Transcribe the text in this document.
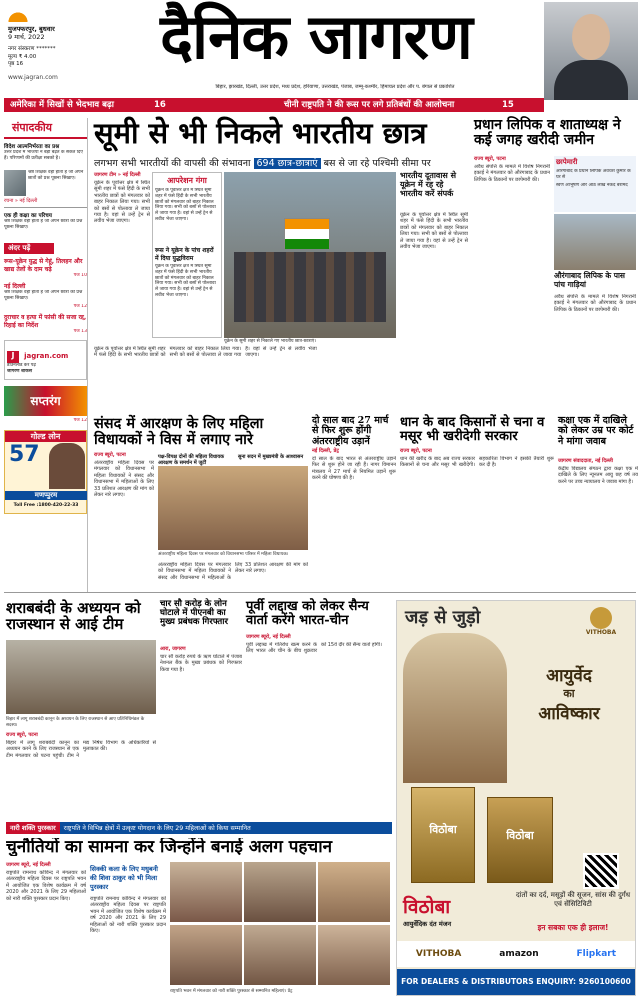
मुजफ्फरपुर, बुधवार
9 मार्च, 2022
नगर संस्करण *******
मूल्य ₹ 4.00
पृष्ठ 16
www.jagran.com
दैनिक जागरण
बिहार, झारखंड, दिल्ली, उत्तर प्रदेश, मध्य प्रदेश, हरियाणा, उत्तराखंड, पंजाब, जम्मू-कश्मीर, हिमाचल प्रदेश और प. बंगाल से प्रकाशित
अमेरिका में सिखों से भेदभाव बढ़ा	16	चीनी राष्ट्रपति ने की रूस पर लगे प्रतिबंधों की आलोचना	15
संपादकीय
विदेश आत्मनिर्भरता का प्रश्न
उत्तर प्रदेश में भाजपा ने बड़ी बढ़त के संकेत दिए हैं। परिणामों की प्रतीक्षा सबको है।
श्रेष्ठ शिक्षक वही होता है जो अपने छात्रों को प्रश्न पूछना सिखाए।
रचना » नई दिल्ली
एक ही कक्षा का परिचय
श्रेष्ठ शिक्षक वही होता है जो अपने छात्रों को प्रश्न पूछना सिखाए।
अंदर पढ़ें
रूस-यूक्रेन युद्ध से गेहूं, तिलहन और खाद्य तेलों के दाम चढ़े
पेज 10
नई दिल्ली
श्रेष्ठ शिक्षक वही होता है जो अपने छात्रों को प्रश्न पूछना सिखाए।
पेज 12
दुराचार व हत्या में फांसी की सजा रद्द, रिहाई का निर्देश
पेज 13
J jagran.com
डाउनलोड कर पढ़ें
जागरण शोकेस
सप्तरंग
पेज 12
गोल्ड लोन
57
मणप्पुरम
Toll Free :1800-420-22-33
सूमी से भी निकले भारतीय छात्र
लगभग सभी भारतीयों की वापसी की संभावना 694 छात्र-छात्राएं बस से जा रहे पश्चिमी सीमा पर
जागरण टीम » नई दिल्ली
यूक्रेन के पूर्वोत्तर क्षेत्र में स्थित सूमी शहर में फंसे हिंदी के सभी भारतीय छात्रों को मंगलवार को बाहर निकाल लिया गया। सभी को बसों से पोल्तावा ले जाया गया है। वहां से उन्हें ट्रेन से लवीव भेजा जाएगा।
आपरेशन गंगा
यूक्रेन के पूर्वोत्तर क्षेत्र में स्थित सूमी शहर में फंसे हिंदी के सभी भारतीय छात्रों को मंगलवार को बाहर निकाल लिया गया। सभी को बसों से पोल्तावा ले जाया गया है। वहां से उन्हें ट्रेन से लवीव भेजा जाएगा।
रूस ने यूक्रेन के पांच शहरों में दिया युद्धविराम
यूक्रेन के पूर्वोत्तर क्षेत्र में स्थित सूमी शहर में फंसे हिंदी के सभी भारतीय छात्रों को मंगलवार को बाहर निकाल लिया गया। सभी को बसों से पोल्तावा ले जाया गया है। वहां से उन्हें ट्रेन से लवीव भेजा जाएगा।
यूक्रेन के सूमी शहर से निकाले गए भारतीय छात्र-छात्राएं।
भारतीय दूतावास से यूक्रेन में रह रहे भारतीय करें संपर्क
यूक्रेन के पूर्वोत्तर क्षेत्र में स्थित सूमी शहर में फंसे हिंदी के सभी भारतीय छात्रों को मंगलवार को बाहर निकाल लिया गया। सभी को बसों से पोल्तावा ले जाया गया है। वहां से उन्हें ट्रेन से लवीव भेजा जाएगा।
यूक्रेन के पूर्वोत्तर क्षेत्र में स्थित सूमी शहर में फंसे हिंदी के सभी भारतीय छात्रों को मंगलवार को बाहर निकाल लिया गया। सभी को बसों से पोल्तावा ले जाया गया है। वहां से उन्हें ट्रेन से लवीव भेजा जाएगा।
प्रधान लिपिक व शाताध्यक्ष ने कई जगह खरीदी जमीन
राज्य ब्यूरो, पटना
अवैध संपत्ति के मामले में विशेष निगरानी इकाई ने मंगलवार को औरंगाबाद के प्रधान लिपिक के ठिकानों पर छापेमारी की।
छापेमारी
औरंगाबाद के प्रधान लिपिक अवधेश कुमार के घर से
स्वर्ण आभूषण और आठ लाख नकद बरामद
औरंगाबाद लिपिक के पास पांच गाड़ियां
अवैध संपत्ति के मामले में विशेष निगरानी इकाई ने मंगलवार को औरंगाबाद के प्रधान लिपिक के ठिकानों पर छापेमारी की।
संसद में आरक्षण के लिए महिला विधायकों ने विस में लगाए नारे
राज्य ब्यूरो, पटना
अंतरराष्ट्रीय महिला दिवस पर मंगलवार को विधानसभा में महिला विधायकों ने संसद और विधानसभा में महिलाओं के लिए 33 प्रतिशत आरक्षण की मांग को लेकर नारे लगाए।
पक्ष-विपक्ष दोनों की महिला विधायक आरक्षण के समर्थन में जुटीं
सुना सदन में मुख्यमंत्री के आश्वासन
अंतरराष्ट्रीय महिला दिवस पर मंगलवार को विधानसभा परिसर में महिला विधायक।
अंतरराष्ट्रीय महिला दिवस पर मंगलवार को विधानसभा में महिला विधायकों ने संसद और विधानसभा में महिलाओं के लिए 33 प्रतिशत आरक्षण की मांग को लेकर नारे लगाए।
दो साल बाद 27 मार्च से फिर शुरू होंगी अंतरराष्ट्रीय उड़ानें
नई दिल्ली, प्रेट्र
दो साल के बाद भारत से अंतरराष्ट्रीय उड़ानें फिर से शुरू होने जा रही हैं। नागर विमानन मंत्रालय ने 27 मार्च से नियमित उड़ानें शुरू करने की घोषणा की है।
धान के बाद किसानों से चना व मसूर भी खरीदेगी सरकार
राज्य ब्यूरो, पटना
धान की खरीद के बाद अब राज्य सरकार किसानों से चना और मसूर भी खरीदेगी। सहकारिता विभाग ने इसकी तैयारी शुरू कर दी है।
कक्षा एक में दाखिले को लेकर उम्र पर कोर्ट ने मांगा जवाब
जागरण संवाददाता, नई दिल्ली
केंद्रीय विद्यालय संगठन द्वारा कक्षा एक में दाखिले के लिए न्यूनतम आयु छह वर्ष तय करने पर उच्च न्यायालय ने जवाब मांगा है।
शराबबंदी के अध्ययन को राजस्थान से आई टीम
बिहार में लागू शराबबंदी कानून के अध्ययन के लिए राजस्थान से आए प्रतिनिधिमंडल के सदस्य।
राज्य ब्यूरो, पटना
बिहार में लागू शराबबंदी कानून का अध्ययन करने के लिए राजस्थान से एक टीम मंगलवार को पटना पहुंची। टीम ने मद्य निषेध विभाग के अधिकारियों से मुलाकात की।
चार सौ करोड़ के लोन घोटाले में पीएनबी का मुख्य प्रबंधक गिरफ्तार
आरा, जागरण
चार सौ करोड़ रुपये के ऋण घोटाले में पंजाब नेशनल बैंक के मुख्य प्रबंधक को गिरफ्तार किया गया है।
पूर्वी लद्दाख को लेकर सैन्य वार्ता करेंगे भारत-चीन
जागरण ब्यूरो, नई दिल्ली
पूर्वी लद्दाख में गतिरोध खत्म करने के लिए भारत और चीन के बीच शुक्रवार को 15वें दौर की सैन्य वार्ता होगी।
जड़ से जुड़ो
VITHOBA
आयुर्वेद
का
आविष्कार
विठोबा	विठोबा
विठोबा
आयुर्वेदिक दंत मंजन
दांतों का दर्द, मसूड़ों की सूजन, सांस की दुर्गंध एवं सेंसिटिविटी
इन सबका एक ही इलाज!
VITHOBA	amazon	Flipkart
FOR DEALERS & DISTRIBUTORS ENQUIRY: 9260100600
नारी शक्ति पुरस्कार	राष्ट्रपति ने विभिन्न क्षेत्रों में उत्कृष्ट योगदान के लिए 29 महिलाओं को किया सम्मानित
चुनौतियों का सामना कर जिन्होंने बनाई अलग पहचान
जागरण ब्यूरो, नई दिल्ली
राष्ट्रपति रामनाथ कोविन्द ने मंगलवार को अंतरराष्ट्रीय महिला दिवस पर राष्ट्रपति भवन में आयोजित एक विशेष कार्यक्रम में वर्ष 2020 और 2021 के लिए 29 महिलाओं को नारी शक्ति पुरस्कार प्रदान किए।
सिक्की कला के लिए मधुबनी की शिवा ठाकुर को भी मिला पुरस्कार
राष्ट्रपति रामनाथ कोविन्द ने मंगलवार को अंतरराष्ट्रीय महिला दिवस पर राष्ट्रपति भवन में आयोजित एक विशेष कार्यक्रम में वर्ष 2020 और 2021 के लिए 29 महिलाओं को नारी शक्ति पुरस्कार प्रदान किए।
राष्ट्रपति भवन में मंगलवार को नारी शक्ति पुरस्कार से सम्मानित महिलाएं। प्रेट्र
